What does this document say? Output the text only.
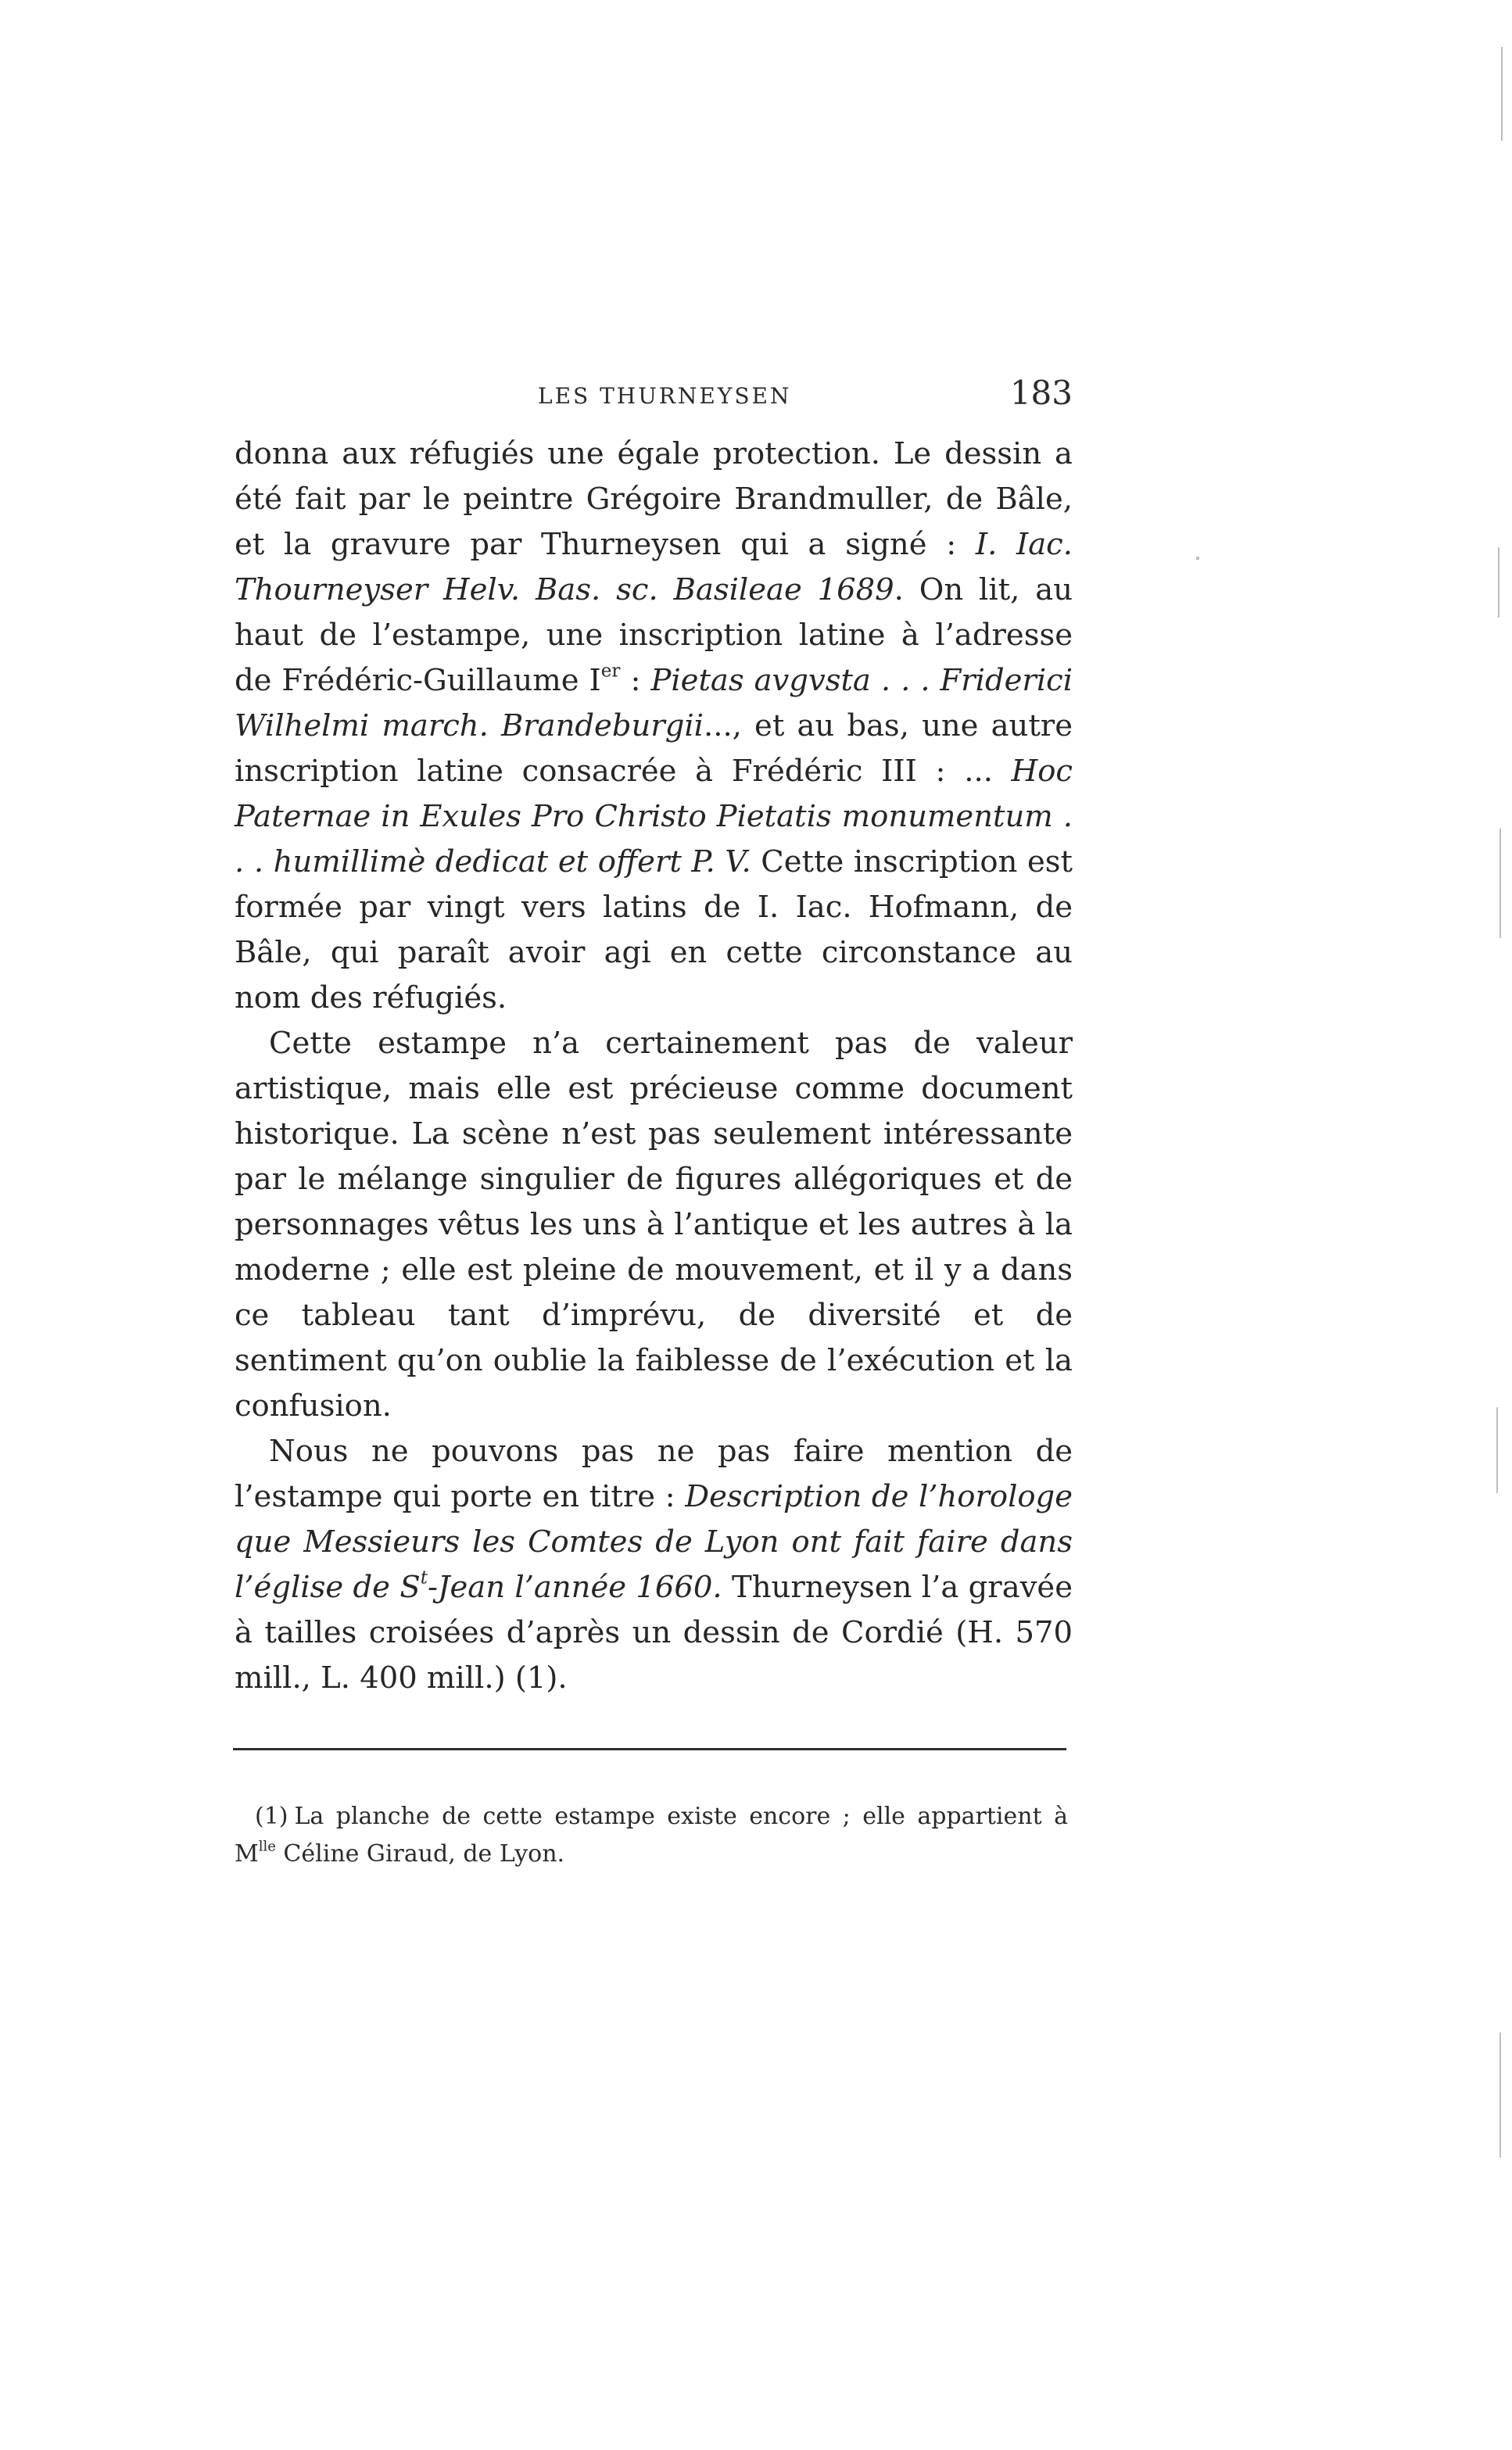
LES THURNEYSEN	183

donna aux réfugiés une égale protection. Le dessin a été fait par le peintre Grégoire Brandmuller, de Bâle, et la gravure par Thurneysen qui a signé : I. Iac. Thourneyser Helv. Bas. sc. Basileae 1689. On lit, au haut de l’estampe, une inscription latine à l’adresse de Frédéric-Guillaume Ier : Pietas avgvsta . . . Friderici Wilhelmi march. Brandeburgii..., et au bas, une autre inscription latine consacrée à Frédéric III : ... Hoc Paternae in Exules Pro Christo Pietatis monumentum . . . humillimè dedicat et offert P. V. Cette inscription est formée par vingt vers latins de I. Iac. Hofmann, de Bâle, qui paraît avoir agi en cette circonstance au nom des réfugiés.

Cette estampe n’a certainement pas de valeur artistique, mais elle est précieuse comme document historique. La scène n’est pas seulement intéressante par le mélange singulier de figures allégoriques et de personnages vêtus les uns à l’antique et les autres à la moderne ; elle est pleine de mouvement, et il y a dans ce tableau tant d’imprévu, de diversité et de sentiment qu’on oublie la faiblesse de l’exécution et la confusion.

Nous ne pouvons pas ne pas faire mention de l’estampe qui porte en titre : Description de l’horologe que Messieurs les Comtes de Lyon ont fait faire dans l’église de $S^t$-Jean l’année 1660. Thurneysen l’a gravée à tailles croisées d’après un dessin de Cordié (H. 570 mill., L. 400 mill.) (1).

(1) La planche de cette estampe existe encore ; elle appartient à $M^{lle}$ Céline Giraud, de Lyon.
